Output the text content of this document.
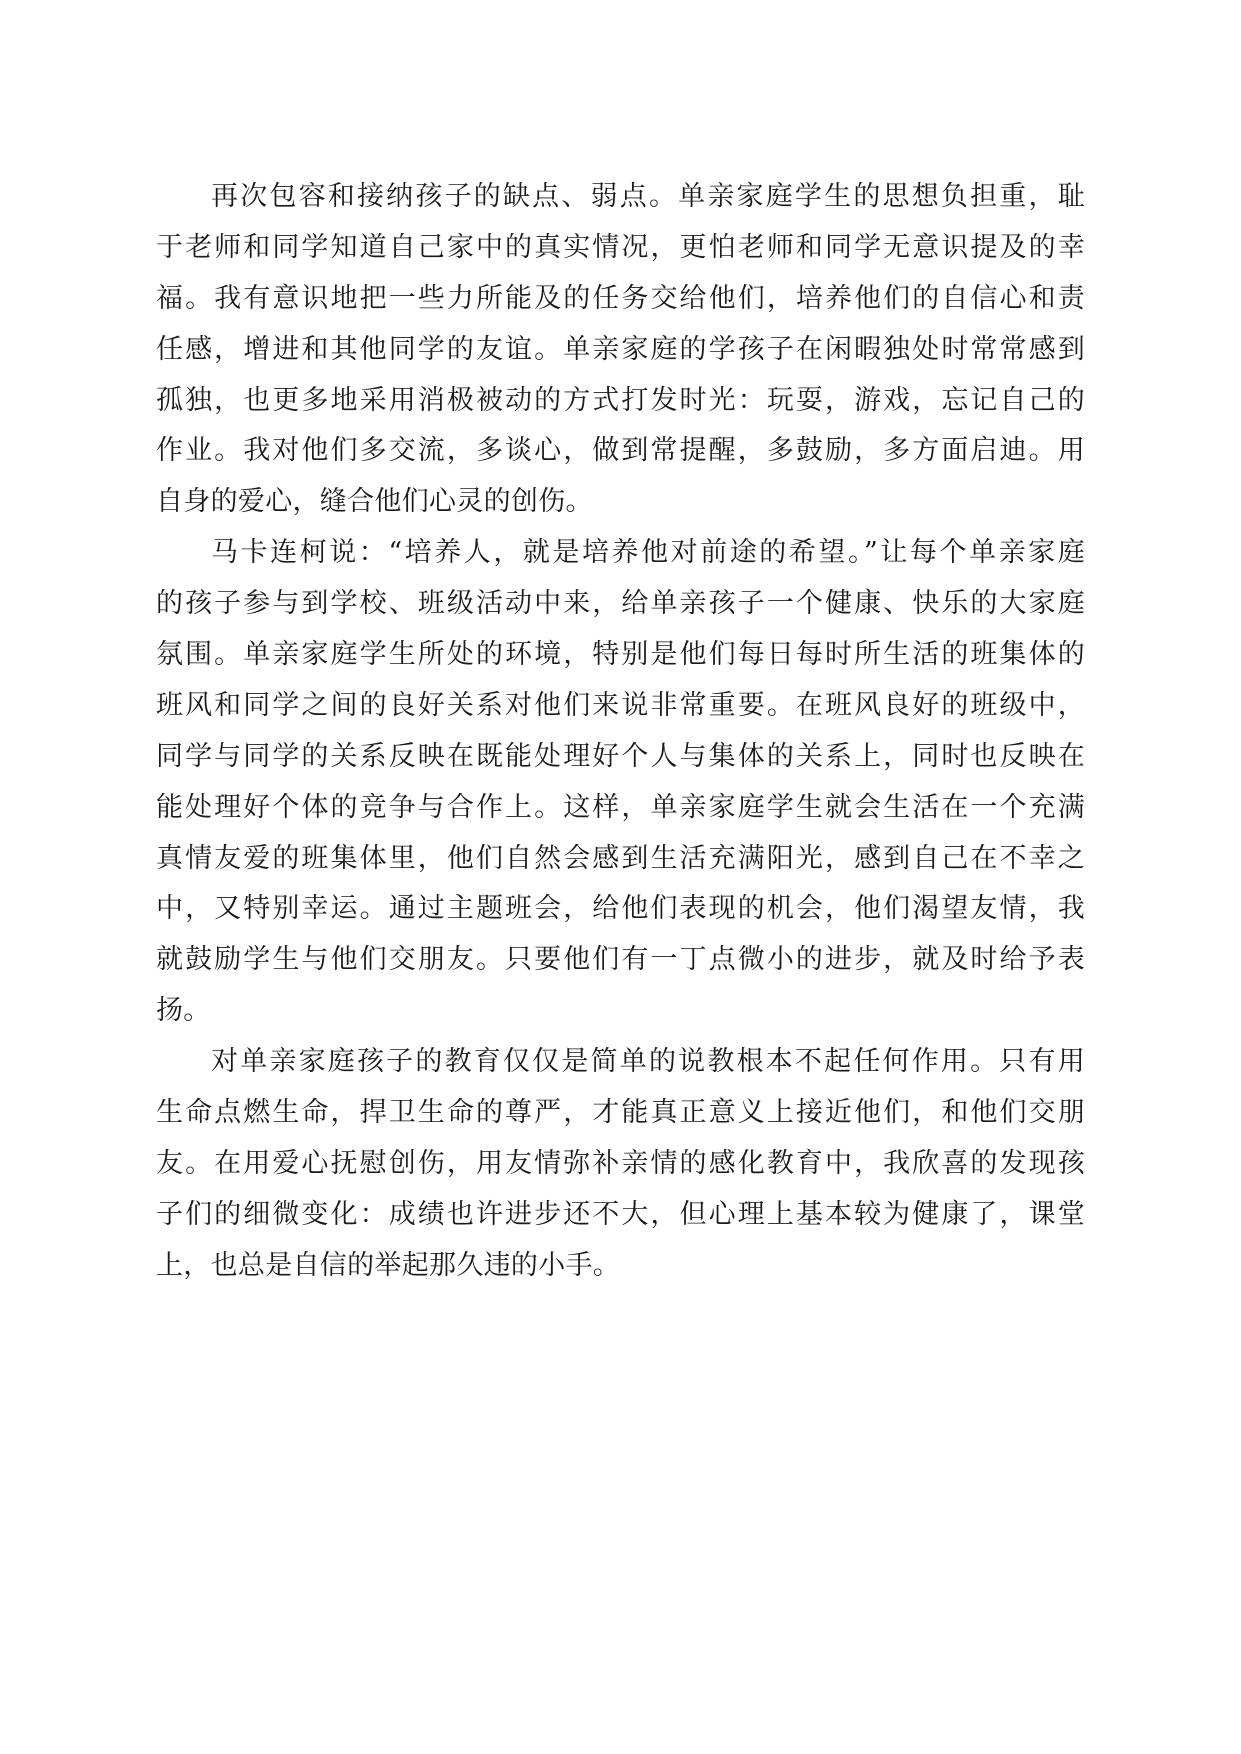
再次包容和接纳孩子的缺点、弱点。单亲家庭学生的思想负担重，耻
于老师和同学知道自己家中的真实情况，更怕老师和同学无意识提及的幸
福。我有意识地把一些力所能及的任务交给他们，培养他们的自信心和责
任感，增进和其他同学的友谊。单亲家庭的学孩子在闲暇独处时常常感到
孤独，也更多地采用消极被动的方式打发时光：玩耍，游戏，忘记自己的
作业。我对他们多交流，多谈心，做到常提醒，多鼓励，多方面启迪。用
自身的爱心，缝合他们心灵的创伤。
马卡连柯说：“培养人，就是培养他对前途的希望。”让每个单亲家庭
的孩子参与到学校、班级活动中来，给单亲孩子一个健康、快乐的大家庭
氛围。单亲家庭学生所处的环境，特别是他们每日每时所生活的班集体的
班风和同学之间的良好关系对他们来说非常重要。在班风良好的班级中，
同学与同学的关系反映在既能处理好个人与集体的关系上，同时也反映在
能处理好个体的竞争与合作上。这样，单亲家庭学生就会生活在一个充满
真情友爱的班集体里，他们自然会感到生活充满阳光，感到自己在不幸之
中，又特别幸运。通过主题班会，给他们表现的机会，他们渴望友情，我
就鼓励学生与他们交朋友。只要他们有一丁点微小的进步，就及时给予表
扬。
对单亲家庭孩子的教育仅仅是简单的说教根本不起任何作用。只有用
生命点燃生命，捍卫生命的尊严，才能真正意义上接近他们，和他们交朋
友。在用爱心抚慰创伤，用友情弥补亲情的感化教育中，我欣喜的发现孩
子们的细微变化：成绩也许进步还不大，但心理上基本较为健康了，课堂
上，也总是自信的举起那久违的小手。
